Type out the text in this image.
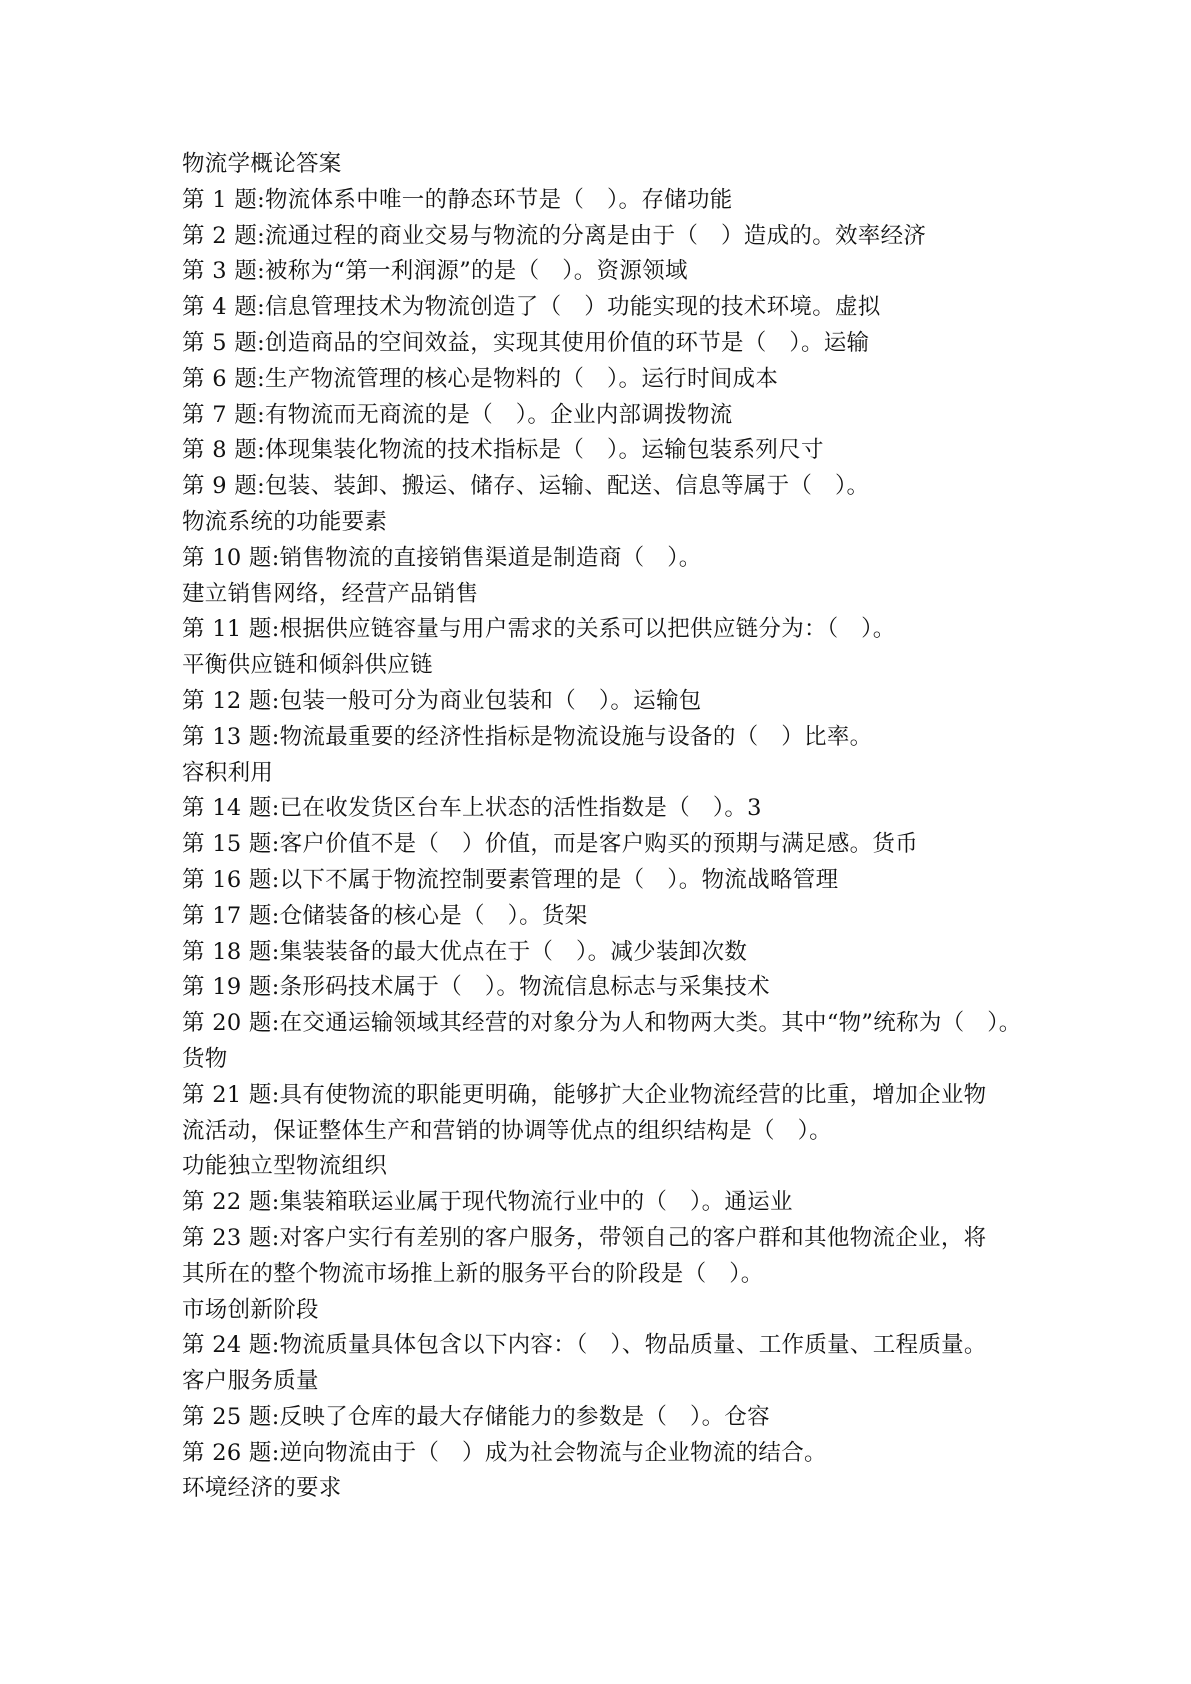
物流学概论答案
第 1 题:物流体系中唯一的静态环节是（　）。存储功能
第 2 题:流通过程的商业交易与物流的分离是由于（　）造成的。效率经济
第 3 题:被称为“第一利润源”的是（　）。资源领域
第 4 题:信息管理技术为物流创造了（　）功能实现的技术环境。虚拟
第 5 题:创造商品的空间效益，实现其使用价值的环节是（　）。运输
第 6 题:生产物流管理的核心是物料的（　）。运行时间成本
第 7 题:有物流而无商流的是（　）。企业内部调拨物流
第 8 题:体现集装化物流的技术指标是（　）。运输包装系列尺寸
第 9 题:包装、装卸、搬运、储存、运输、配送、信息等属于（　）。
物流系统的功能要素
第 10 题:销售物流的直接销售渠道是制造商（　）。
建立销售网络，经营产品销售
第 11 题:根据供应链容量与用户需求的关系可以把供应链分为：（　）。
平衡供应链和倾斜供应链
第 12 题:包装一般可分为商业包装和（　）。运输包
第 13 题:物流最重要的经济性指标是物流设施与设备的（　）比率。
容积利用
第 14 题:已在收发货区台车上状态的活性指数是（　）。3
第 15 题:客户价值不是（　）价值，而是客户购买的预期与满足感。货币
第 16 题:以下不属于物流控制要素管理的是（　）。物流战略管理
第 17 题:仓储装备的核心是（　）。货架
第 18 题:集装装备的最大优点在于（　）。减少装卸次数
第 19 题:条形码技术属于（　）。物流信息标志与采集技术
第 20 题:在交通运输领域其经营的对象分为人和物两大类。其中“物”统称为（　）。
货物
第 21 题:具有使物流的职能更明确，能够扩大企业物流经营的比重，增加企业物
流活动，保证整体生产和营销的协调等优点的组织结构是（　）。
功能独立型物流组织
第 22 题:集装箱联运业属于现代物流行业中的（　）。通运业
第 23 题:对客户实行有差别的客户服务，带领自己的客户群和其他物流企业，将
其所在的整个物流市场推上新的服务平台的阶段是（　）。
市场创新阶段
第 24 题:物流质量具体包含以下内容：（　）、物品质量、工作质量、工程质量。
客户服务质量
第 25 题:反映了仓库的最大存储能力的参数是（　）。仓容
第 26 题:逆向物流由于（　）成为社会物流与企业物流的结合。
环境经济的要求
